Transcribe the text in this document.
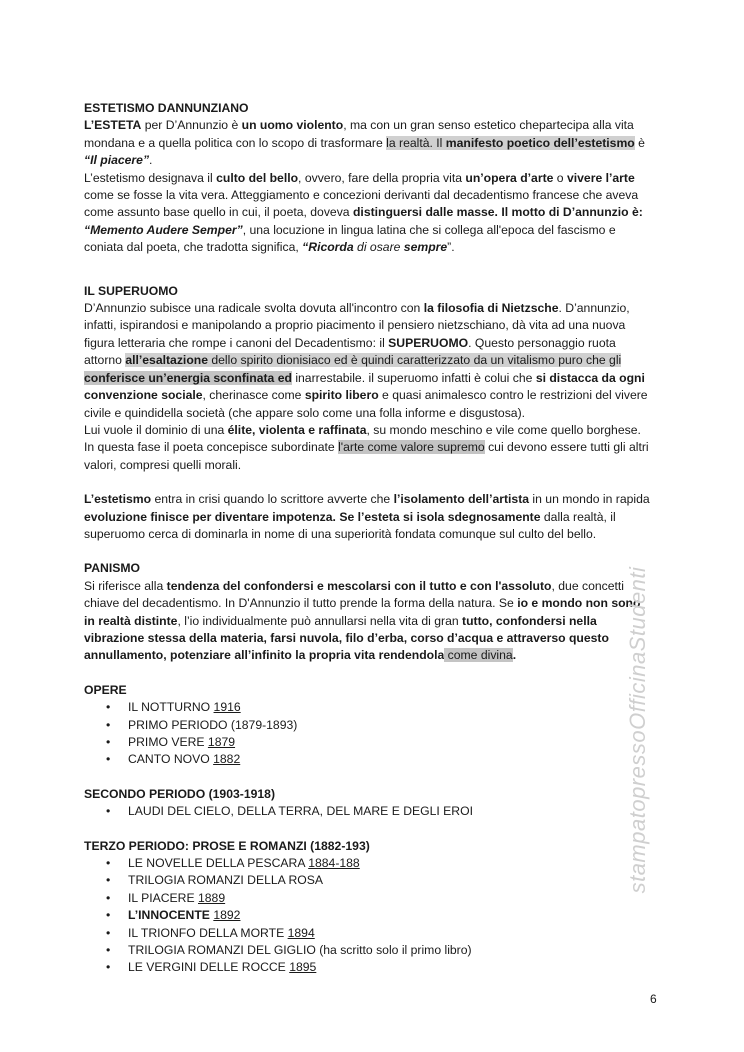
ESTETISMO DANNUNZIANO

L’ESTETA per D’Annunzio è un uomo violento, ma con un gran senso estetico chepartecipa alla vita mondana e a quella politica con lo scopo di trasformare la realtà. Il manifesto poetico dell’estetismo è “Il piacere”.

L’estetismo designava il culto del bello, ovvero, fare della propria vita un’opera d’arte o vivere l’arte come se fosse la vita vera. Atteggiamento e concezioni derivanti dal decadentismo francese che aveva come assunto base quello in cui, il poeta, doveva distinguersi dalle masse. Il motto di D’annunzio è: “Memento Audere Semper”, una locuzione in lingua latina che si collega all'epoca del fascismo e coniata dal poeta, che tradotta significa, “Ricorda di osare sempre”.

IL SUPERUOMO

D’Annunzio subisce una radicale svolta dovuta all'incontro con la filosofia di Nietzsche. D’annunzio, infatti, ispirandosi e manipolando a proprio piacimento il pensiero nietzschiano, dà vita ad una nuova figura letteraria che rompe i canoni del Decadentismo: il SUPERUOMO. Questo personaggio ruota attorno all’esaltazione dello spirito dionisiaco ed è quindi caratterizzato da un vitalismo puro che gli conferisce un’energia sconfinata ed inarrestabile. il superuomo infatti è colui che si distacca da ogni convenzione sociale, cherinasce come spirito libero e quasi animalesco contro le restrizioni del vivere civile e quindidella società (che appare solo come una folla informe e disgustosa).

Lui vuole il dominio di una élite, violenta e raffinata, su mondo meschino e vile come quello borghese. In questa fase il poeta concepisce subordinate l'arte come valore supremo cui devono essere tutti gli altri valori, compresi quelli morali.

L’estetismo entra in crisi quando lo scrittore avverte che l’isolamento dell’artista in un mondo in rapida evoluzione finisce per diventare impotenza. Se l’esteta si isola sdegnosamente dalla realtà, il superuomo cerca di dominarla in nome di una superiorità fondata comunque sul culto del bello.

PANISMO

Si riferisce alla tendenza del confondersi e mescolarsi con il tutto e con l'assoluto, due concetti chiave del decadentismo. In D'Annunzio il tutto prende la forma della natura. Se io e mondo non sono in realtà distinte, l’io individualmente può annullarsi nella vita di gran tutto, confondersi nella vibrazione stessa della materia, farsi nuvola, filo d’erba, corso d’acqua e attraverso questo annullamento, potenziare all’infinito la propria vita rendendola come divina.

OPERE

• IL NOTTURNO 1916
• PRIMO PERIODO (1879-1893)
• PRIMO VERE 1879
• CANTO NOVO 1882

SECONDO PERIODO (1903-1918)

• LAUDI DEL CIELO, DELLA TERRA, DEL MARE E DEGLI EROI

TERZO PERIODO: PROSE E ROMANZI (1882-193)

• LE NOVELLE DELLA PESCARA 1884-188
• TRILOGIA ROMANZI DELLA ROSA
• IL PIACERE 1889
• L’INNOCENTE 1892
• IL TRIONFO DELLA MORTE 1894
• TRILOGIA ROMANZI DEL GIGLIO (ha scritto solo il primo libro)
• LE VERGINI DELLE ROCCE 1895
stampatopressoOfficinaStudenti
6
